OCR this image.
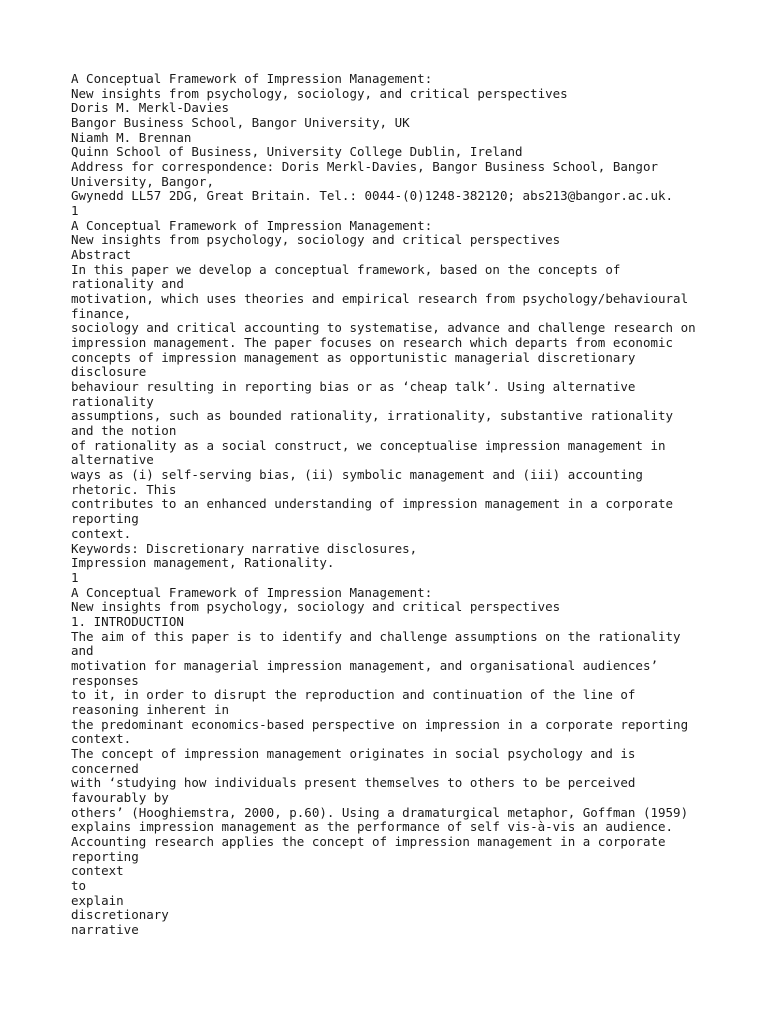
A Conceptual Framework of Impression Management:
New insights from psychology, sociology, and critical perspectives
Doris M. Merkl-Davies
Bangor Business School, Bangor University, UK
Niamh M. Brennan
Quinn School of Business, University College Dublin, Ireland
Address for correspondence: Doris Merkl-Davies, Bangor Business School, Bangor
University, Bangor,
Gwynedd LL57 2DG, Great Britain. Tel.: 0044-(0)1248-382120; abs213@bangor.ac.uk.
1
A Conceptual Framework of Impression Management:
New insights from psychology, sociology and critical perspectives
Abstract
In this paper we develop a conceptual framework, based on the concepts of
rationality and
motivation, which uses theories and empirical research from psychology/behavioural
finance,
sociology and critical accounting to systematise, advance and challenge research on
impression management. The paper focuses on research which departs from economic
concepts of impression management as opportunistic managerial discretionary
disclosure
behaviour resulting in reporting bias or as ‘cheap talk’. Using alternative
rationality
assumptions, such as bounded rationality, irrationality, substantive rationality
and the notion
of rationality as a social construct, we conceptualise impression management in
alternative
ways as (i) self-serving bias, (ii) symbolic management and (iii) accounting
rhetoric. This
contributes to an enhanced understanding of impression management in a corporate
reporting
context.
Keywords: Discretionary narrative disclosures,
Impression management, Rationality.
1
A Conceptual Framework of Impression Management:
New insights from psychology, sociology and critical perspectives
1. INTRODUCTION
The aim of this paper is to identify and challenge assumptions on the rationality
and
motivation for managerial impression management, and organisational audiences’
responses
to it, in order to disrupt the reproduction and continuation of the line of
reasoning inherent in
the predominant economics-based perspective on impression in a corporate reporting
context.
The concept of impression management originates in social psychology and is
concerned
with ‘studying how individuals present themselves to others to be perceived
favourably by
others’ (Hooghiemstra, 2000, p.60). Using a dramaturgical metaphor, Goffman (1959)
explains impression management as the performance of self vis-à-vis an audience.
Accounting research applies the concept of impression management in a corporate
reporting
context
to
explain
discretionary
narrative
